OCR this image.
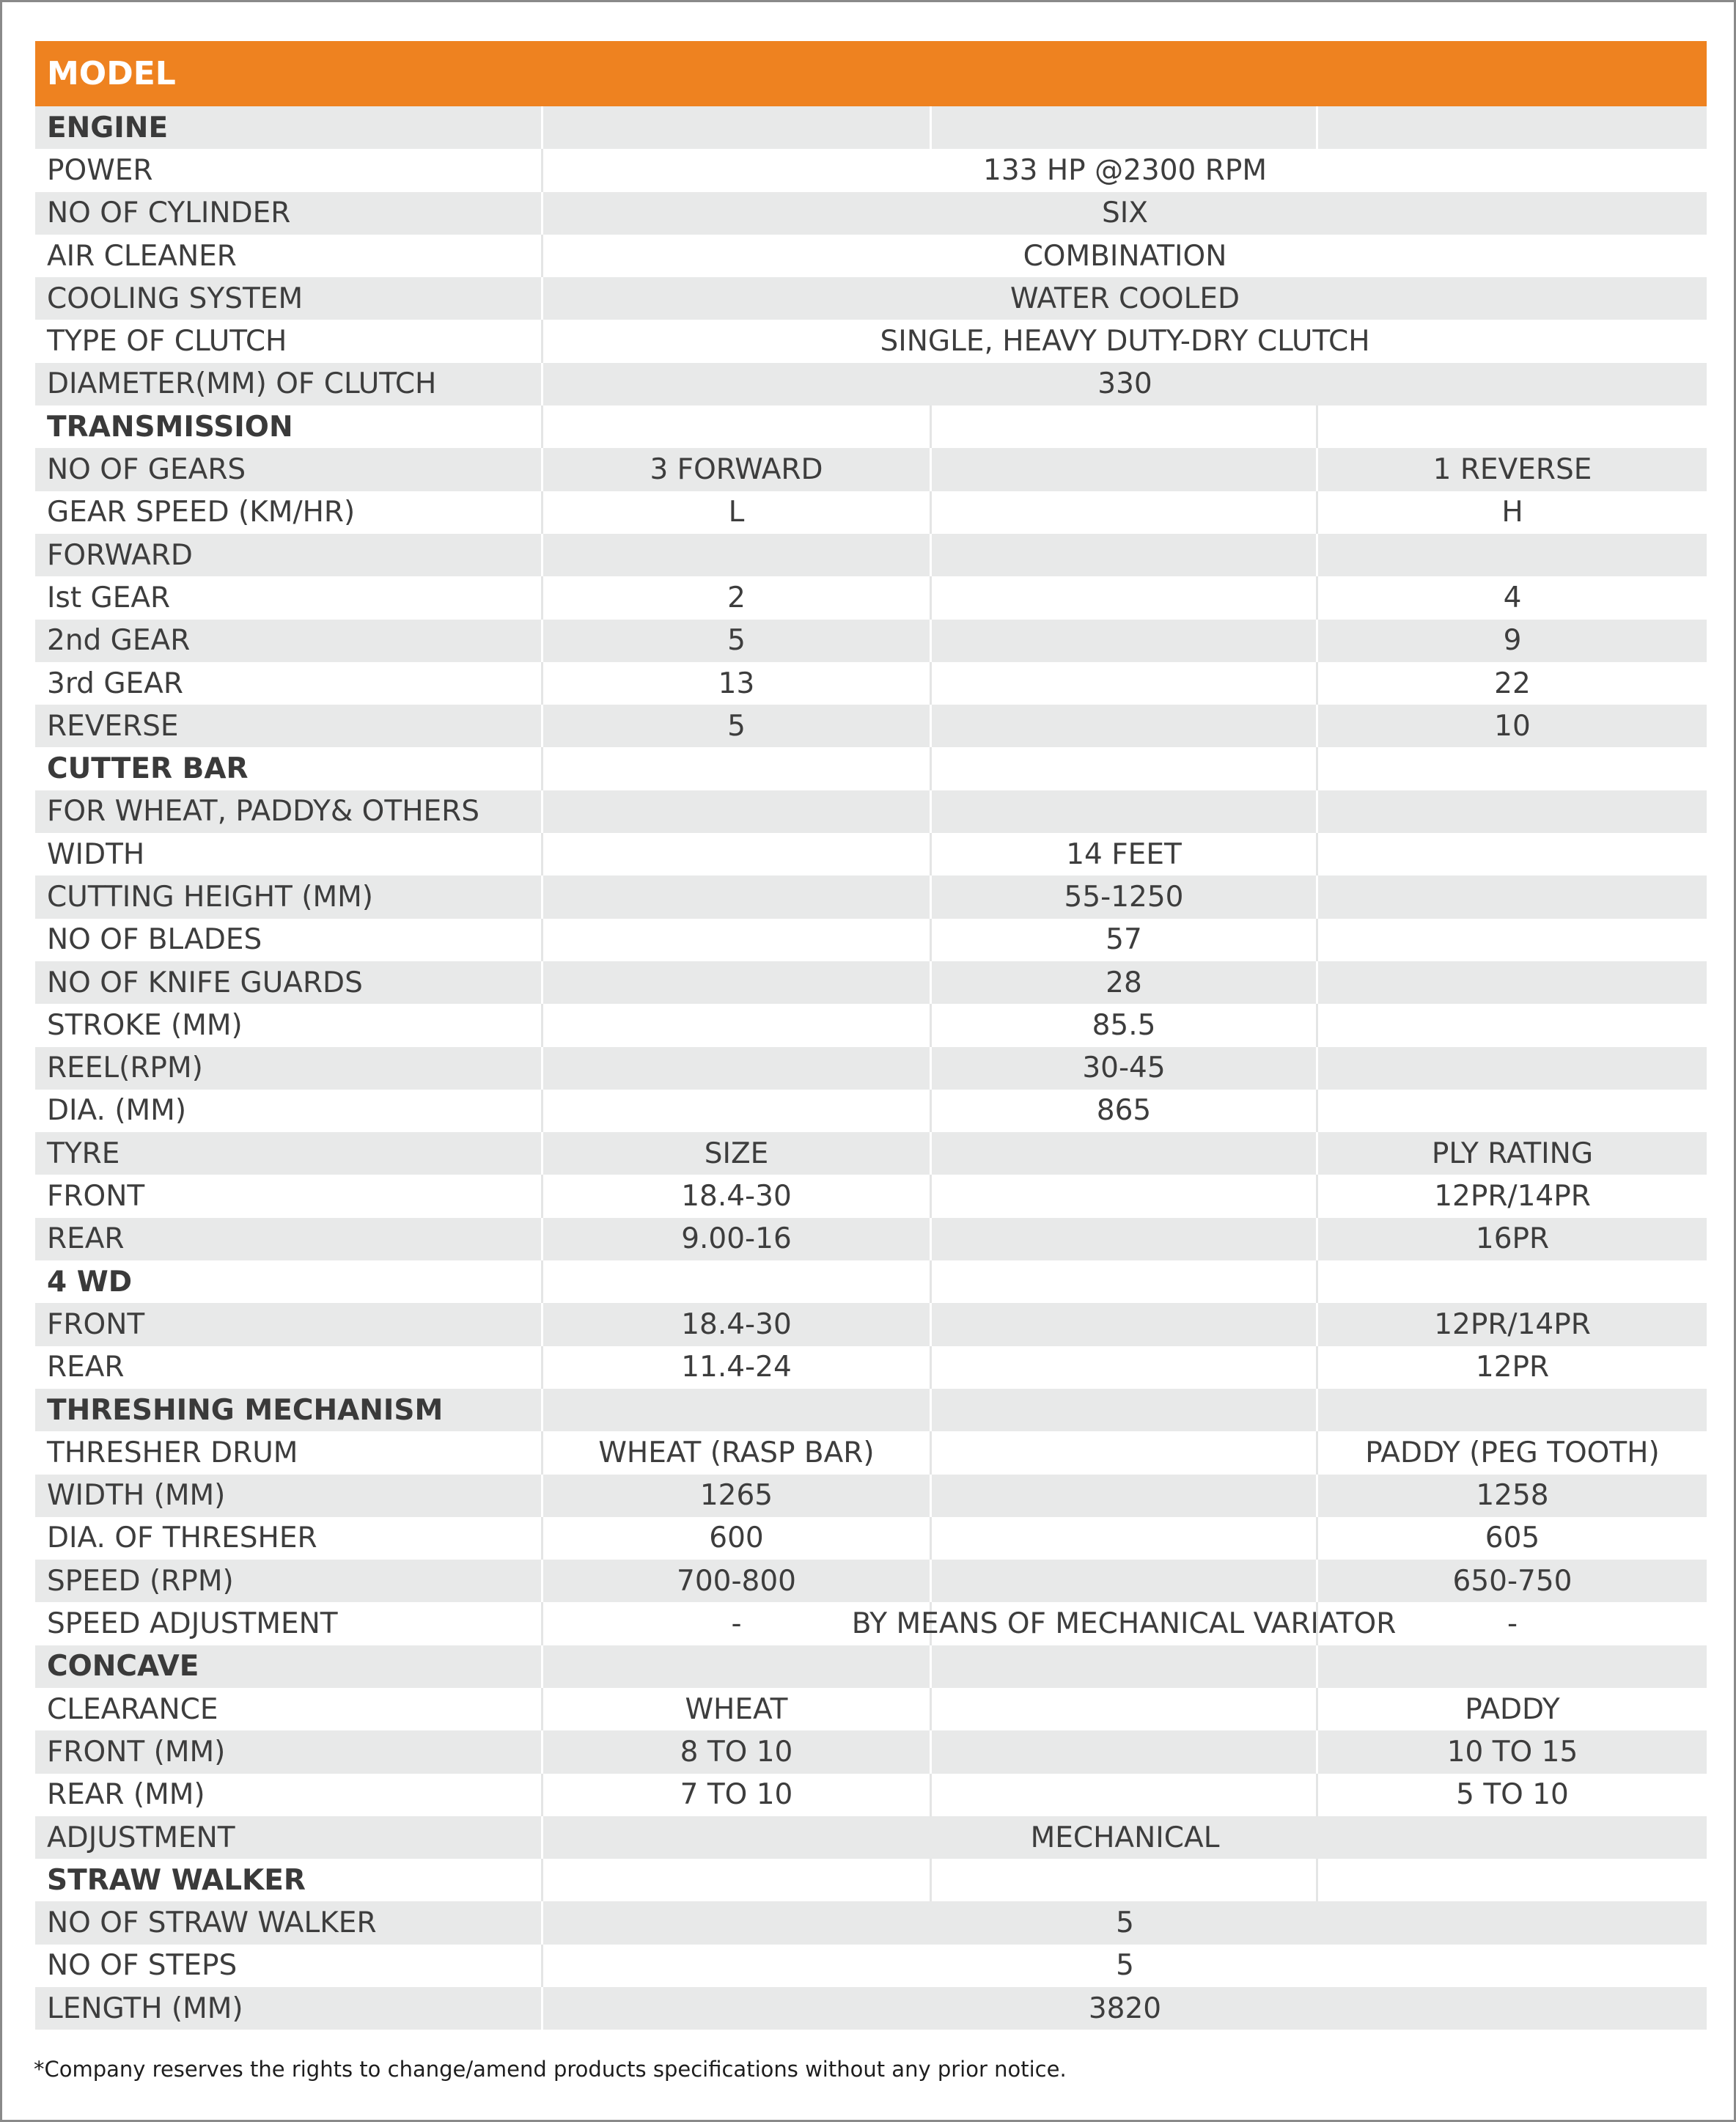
MODEL
ENGINE
POWER	133 HP @2300 RPM
NO OF CYLINDER	SIX
AIR CLEANER	COMBINATION
COOLING SYSTEM	WATER COOLED
TYPE OF CLUTCH	SINGLE, HEAVY DUTY-DRY CLUTCH
DIAMETER(MM) OF CLUTCH	330
TRANSMISSION
NO OF GEARS	3 FORWARD	1 REVERSE
GEAR SPEED (KM/HR)	L	H
FORWARD
Ist GEAR	2	4
2nd GEAR	5	9
3rd GEAR	13	22
REVERSE	5	10
CUTTER BAR
FOR WHEAT, PADDY& OTHERS
WIDTH	14 FEET
CUTTING HEIGHT (MM)	55-1250
NO OF BLADES	57
NO OF KNIFE GUARDS	28
STROKE (MM)	85.5
REEL(RPM)	30-45
DIA. (MM)	865
TYRE	SIZE	PLY RATING
FRONT	18.4-30	12PR/14PR
REAR	9.00-16	16PR
4 WD
FRONT	18.4-30	12PR/14PR
REAR	11.4-24	12PR
THRESHING MECHANISM
THRESHER DRUM	WHEAT (RASP BAR)	PADDY (PEG TOOTH)
WIDTH (MM)	1265	1258
DIA. OF THRESHER	600	605
SPEED (RPM)	700-800	650-750
SPEED ADJUSTMENT	-	BY MEANS OF MECHANICAL VARIATOR	-
CONCAVE
CLEARANCE	WHEAT	PADDY
FRONT (MM)	8 TO 10	10 TO 15
REAR (MM)	7 TO 10	5 TO 10
ADJUSTMENT	MECHANICAL
STRAW WALKER
NO OF STRAW WALKER	5
NO OF STEPS	5
LENGTH (MM)	3820
*Company reserves the rights to change/amend products specifications without any prior notice.
